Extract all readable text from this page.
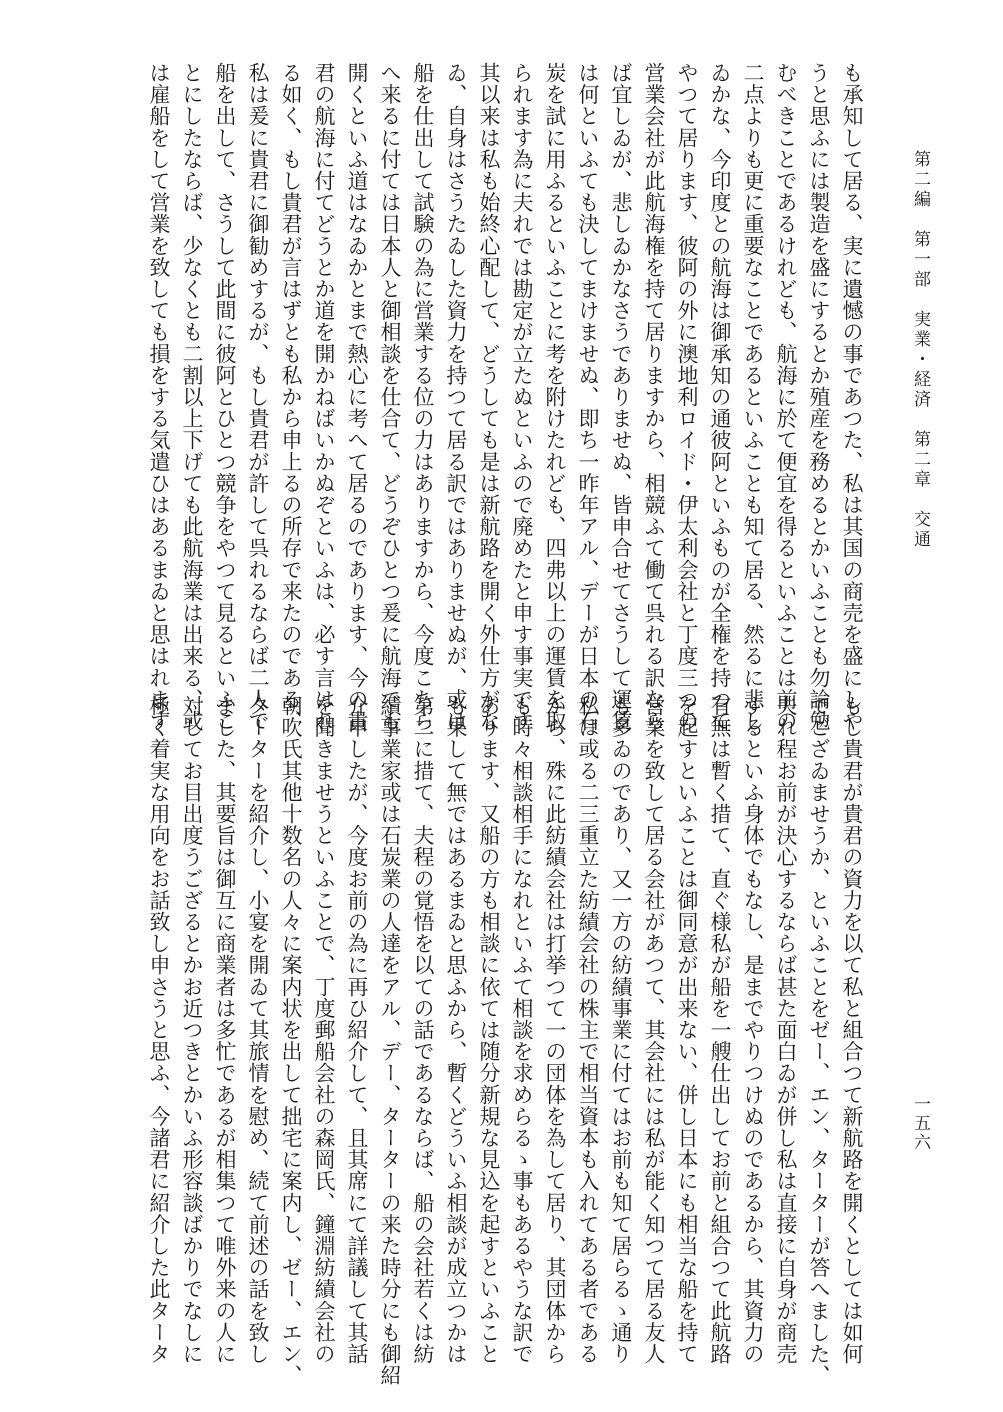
第二編　第一部　実業・経済　第二章　交通
一五六
も承知して居る、実に遺憾の事であつた、私は其国の商売を盛にしや
うと思ふには製造を盛にするとか殖産を務めるとかいふことも勿論勉
むべきことであるけれども、航海に於て便宜を得るといふことは前の
二点よりも更に重要なことであるといふことも知て居る、然るに悲し
ゐかな、今印度との航海は御承知の通彼阿といふものが全権を持つて
やつて居ります、彼阿の外に澳地利ロイド・伊太利会社と丁度三つの
営業会社が此航海権を持て居りますから、相競ふて働て呉れる訳なら
ば宜しゐが、悲しゐかなさうでありませぬ、皆申合せてさうして運賃
は何といふても決してまけませぬ、即ち一昨年アル、デーが日本の石
炭を試に用ふるといふことに考を附けたれども、四弗以上の運賃を取
られます為に夫れでは勘定が立たぬといふので廃めたと申す事実です
其以来は私も始終心配して、どうしても是は新航路を開く外仕方がな
ゐ、自身はさうたゐした資力を持つて居る訳ではありませぬが、或は
船を仕出して試験の為に営業する位の力はありますから、今度こちら
へ来るに付ては日本人と御相談を仕合て、どうぞひとつ爰に航海でも
開くといふ道はなゐかとまで熱心に考へて居るのであります、今の貴
君の航海に付てどうとか道を開かねばいかぬぞといふは、必す言はれ
る如く、もし貴君が言はずとも私から申上るの所存で来たのである、
私は爰に貴君に御勧めするが、もし貴君が許して呉れるならば二人で
船を出して、さうして此間に彼阿とひとつ競争をやつて見るといふこ
とにしたならば、少なくとも二割以上下げても此航海業は出来る、或
は雇船をして営業を致しても損をする気遣ひはあるまゐと思はれます
もし貴君が貴君の資力を以て私と組合つて新航路を開くとしては如何
でござゐませうか、といふことをゼー、エン、ターターが答へました、
夫れ程お前が決心するならば甚た面白ゐが併し私は直接に自身が商売
するといふ身体でもなし、是までやりつけぬのであるから、其資力の
有無は暫く措て、直ぐ様私が船を一艘仕出してお前と組合つて此航路
を起すといふことは御同意が出来ない、併し日本にも相当な船を持て
営業を致して居る会社があつて、其会社には私が能く知つて居る友人
も多ゐのであり、又一方の紡績事業に付てはお前も知て居らるゝ通り
私は或る二三重立た紡績会社の株主で相当資本も入れてある者である
から、殊に此紡績会社は打挙つて一の団体を為して居り、其団体から
も時々相談相手になれといふて相談を求めらるゝ事もあるやうな訳で
あります、又船の方も相談に依ては随分新規な見込を起すといふこと
も果して無ではあるまゐと思ふから、暫くどういふ相談が成立つかは
第二に措て、夫程の覚悟を以ての話であるならば、船の会社若くは紡
績事業家或は石炭業の人達をアル、デー、ターターの来た時分にも御紹
介申したが、今度お前の為に再ひ紹介して、且其席にて詳議して其話
を聞きませうといふことで、丁度郵船会社の森岡氏、鐘淵紡績会社の
朝吹氏其他十数名の人々に案内状を出して拙宅に案内し、ゼー、エン、
ターターを紹介し、小宴を開ゐて其旅情を慰め、続て前述の話を致し
ました、其要旨は御互に商業者は多忙であるが相集つて唯外来の人に
対してお目出度うござるとかお近つきとかいふ形容談ばかりでなしに
極く着実な用向をお話致し申さうと思ふ、今諸君に紹介した此タータ
